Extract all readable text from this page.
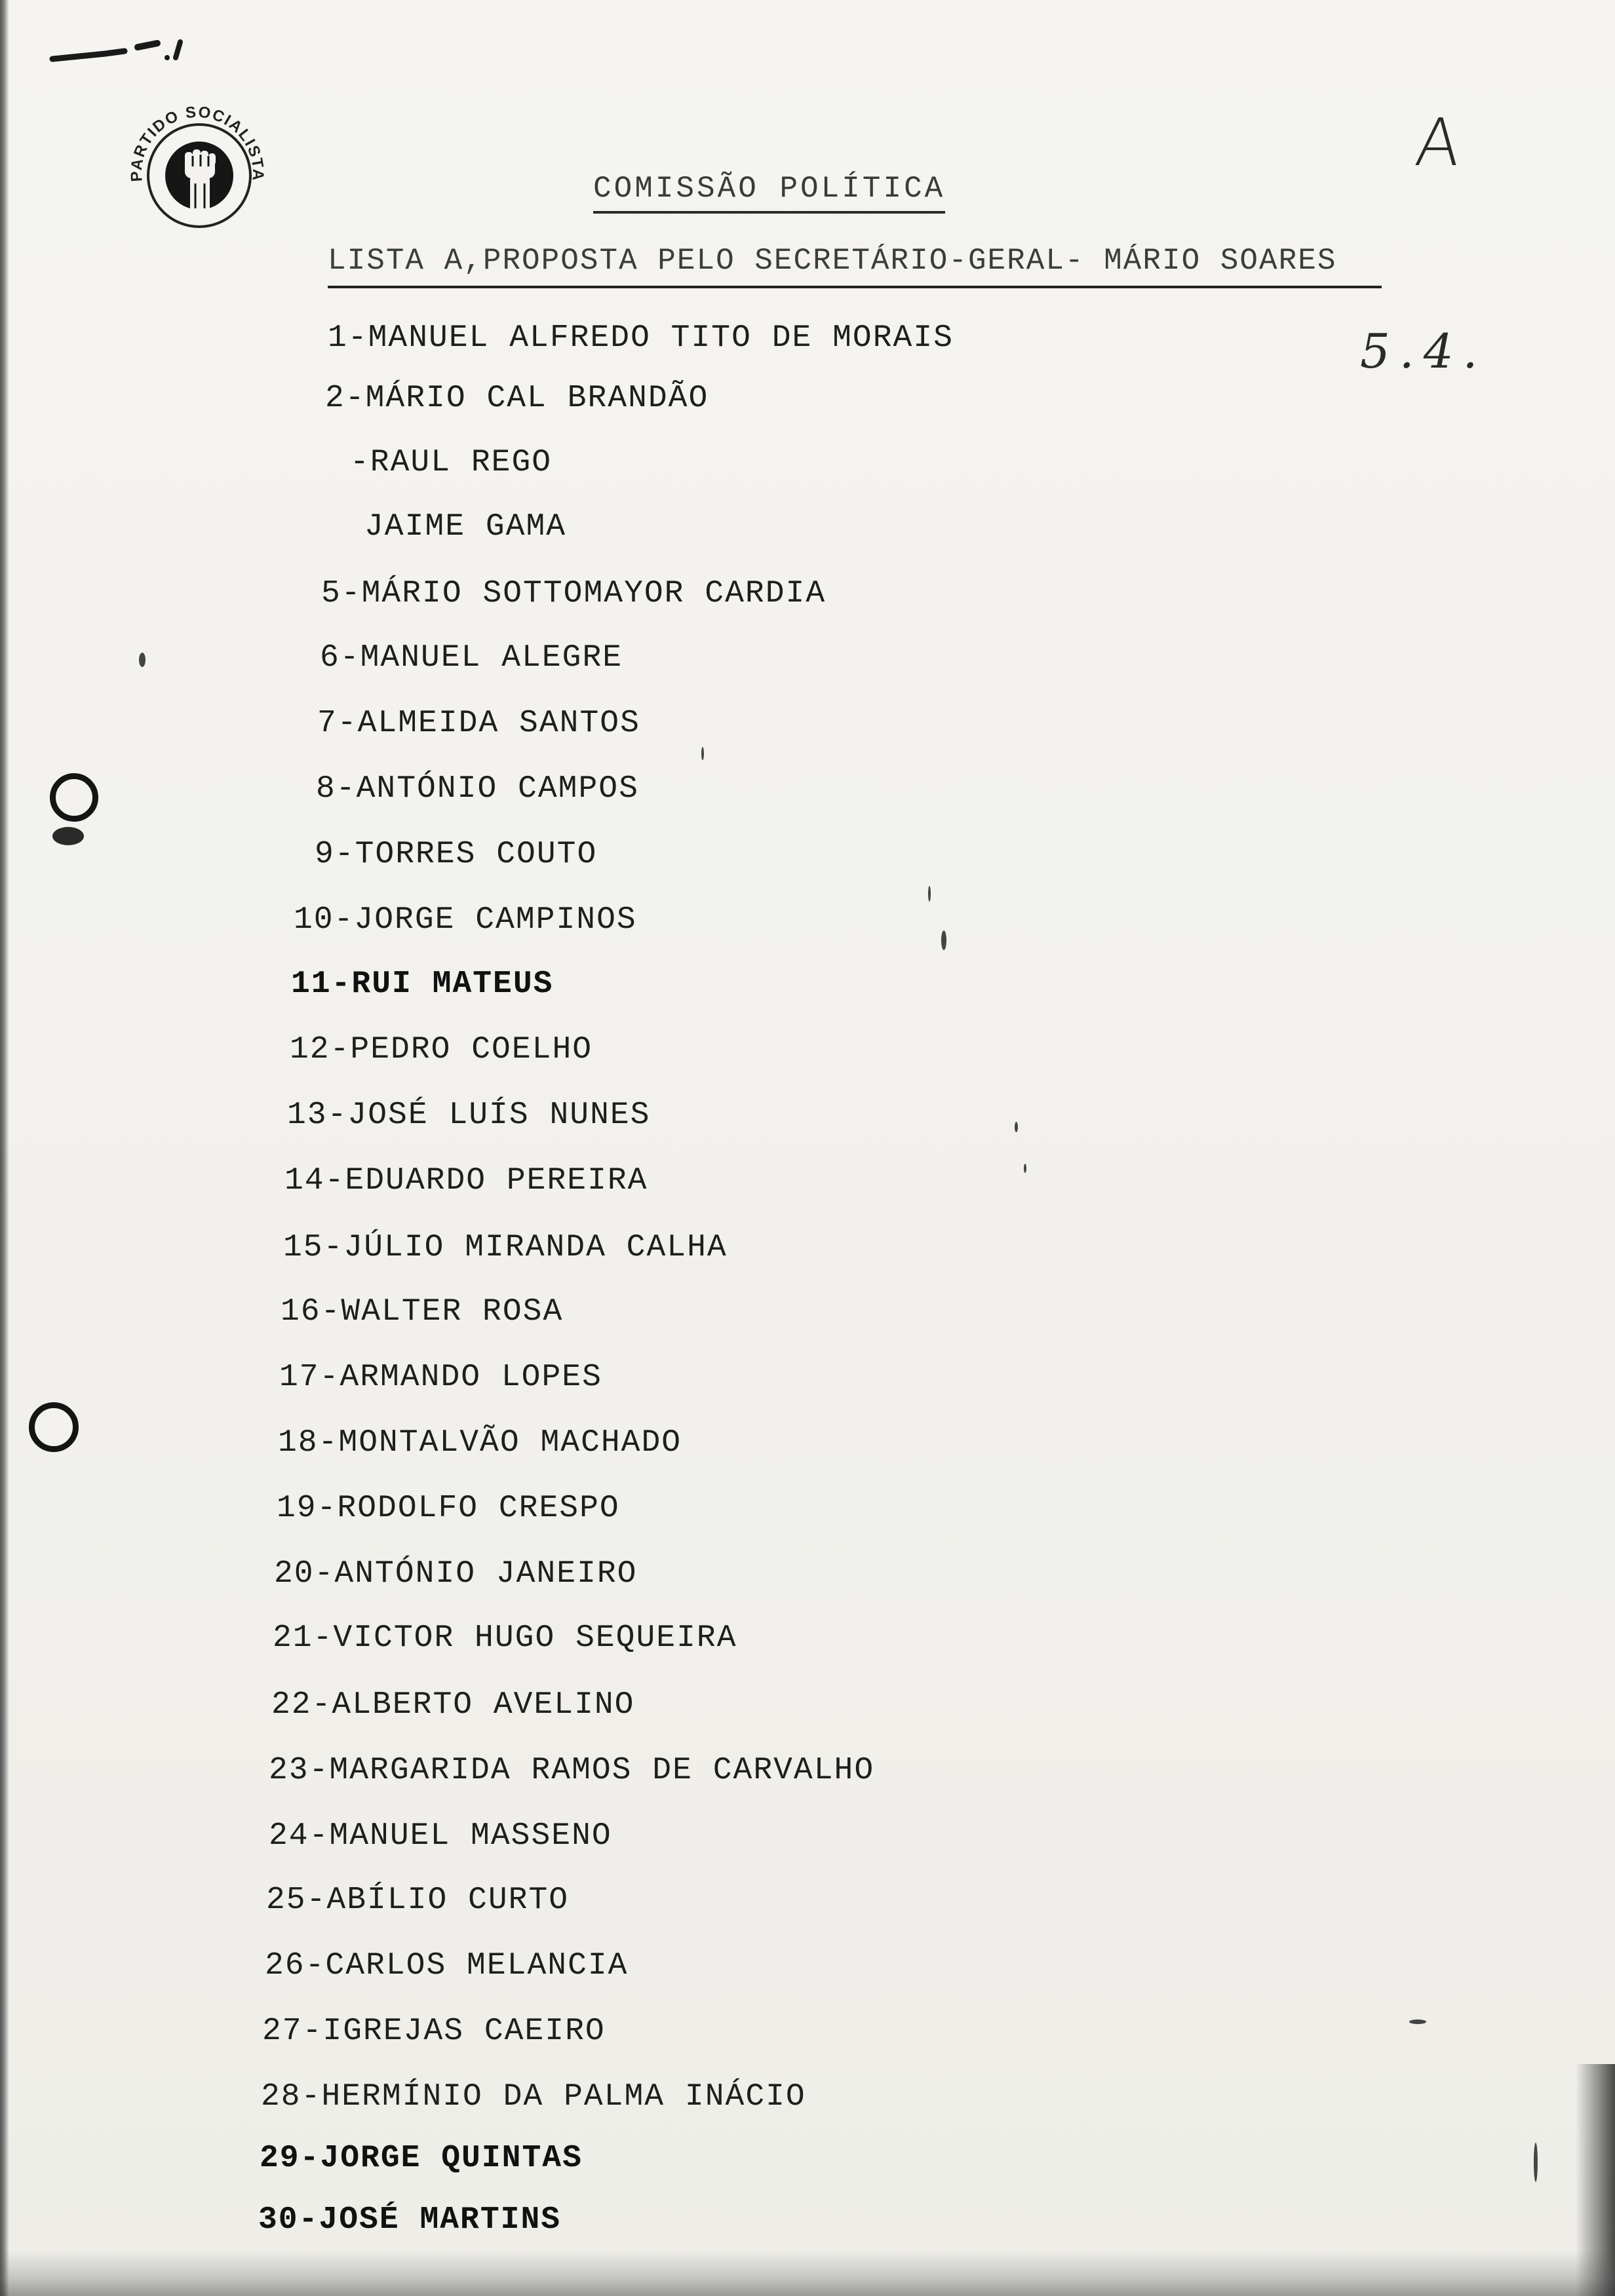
PARTIDO SOCIALISTA	A
5.4.
COMISSÃO POLÍTICA
LISTA A,PROPOSTA PELO SECRETÁRIO-GERAL- MÁRIO SOARES
1-MANUEL ALFREDO TITO DE MORAIS
2-MÁRIO CAL BRANDÃO
-RAUL REGO
JAIME GAMA
5-MÁRIO SOTTOMAYOR CARDIA
6-MANUEL ALEGRE
7-ALMEIDA SANTOS
8-ANTÓNIO CAMPOS
9-TORRES COUTO
10-JORGE CAMPINOS
11-RUI MATEUS
12-PEDRO COELHO
13-JOSÉ LUÍS NUNES
14-EDUARDO PEREIRA
15-JÚLIO MIRANDA CALHA
16-WALTER ROSA
17-ARMANDO LOPES
18-MONTALVÃO MACHADO
19-RODOLFO CRESPO
20-ANTÓNIO JANEIRO
21-VICTOR HUGO SEQUEIRA
22-ALBERTO AVELINO
23-MARGARIDA RAMOS DE CARVALHO
24-MANUEL MASSENO
25-ABÍLIO CURTO
26-CARLOS MELANCIA
27-IGREJAS CAEIRO
28-HERMÍNIO DA PALMA INÁCIO
29-JORGE QUINTAS
30-JOSÉ MARTINS
